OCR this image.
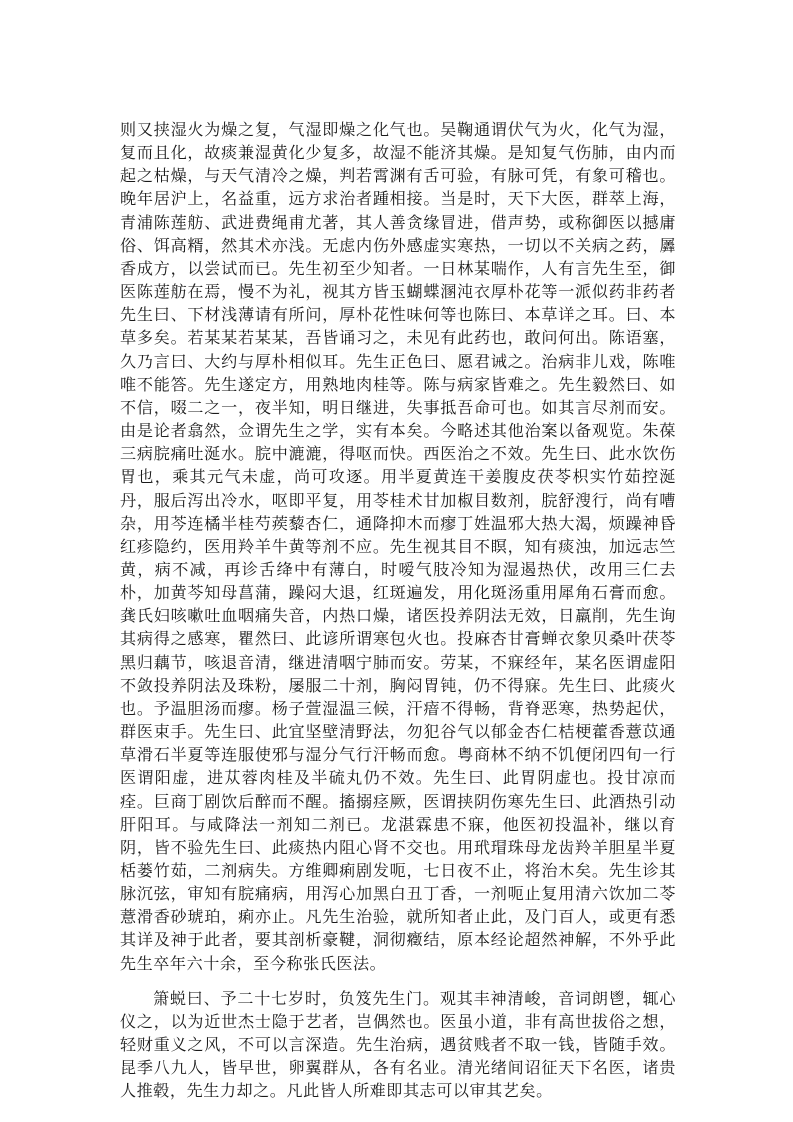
则又挟湿火为燥之复，气湿即燥之化气也。吴鞠通谓伏气为火，化气为湿，复而且化，故痰兼湿黄化少复多，故湿不能济其燥。是知复气伤肺，由内而起之枯燥，与天气清冷之燥，判若霄渊有舌可验，有脉可凭，有象可稽也。晚年居沪上，名益重，远方求治者踵相接。当是时，天下大医，群萃上海，青浦陈莲舫、武进费绳甫尤著，其人善贪缘冒进，借声势，或称御医以撼庸俗、饵高糈，然其术亦浅。无虑内伤外感虚实寒热，一切以不关病之药，羼香成方，以尝试而已。先生初至少知者。一日林某喘作，人有言先生至，御医陈莲舫在焉，慢不为礼，视其方皆玉蝴蝶溷沌衣厚朴花等一派似药非药者先生曰、下材浅薄请有所问，厚朴花性味何等也陈曰、本草详之耳。曰、本草多矣。若某某若某某，吾皆诵习之，未见有此药也，敢问何出。陈语塞，久乃言曰、大约与厚朴相似耳。先生正色曰、愿君诫之。治病非儿戏，陈唯唯不能答。先生遂定方，用熟地肉桂等。陈与病家皆难之。先生毅然曰、如不信，啜二之一，夜半知，明日继进，失事抵吾命可也。如其言尽剂而安。由是论者翕然，佥谓先生之学，实有本矣。今略述其他治案以备观览。朱葆三病脘痛吐涎水。脘中漉漉，得呕而快。西医治之不效。先生曰、此水饮伤胃也，乘其元气未虚，尚可攻逐。用半夏黄连干姜腹皮茯苓枳实竹茹控涎丹，服后泻出冷水，呕即平复，用苓桂术甘加椒目数剂，脘舒溲行，尚有嘈杂，用芩连橘半桂芍蒺藜杏仁，通降抑木而瘳丁姓温邪大热大渴，烦躁神昏红疹隐约，医用羚羊牛黄等剂不应。先生视其目不瞑，知有痰浊，加远志竺黄，病不减，再诊舌绛中有薄白，时嗳气肢冷知为湿遏热伏，改用三仁去朴，加黄芩知母菖蒲，躁闷大退，红斑遍发，用化斑汤重用犀角石膏而愈。龚氏妇咳嗽吐血咽痛失音，内热口燥，诸医投养阴法无效，日羸削，先生询其病得之感寒，瞿然曰、此谚所谓寒包火也。投麻杏甘膏蝉衣象贝桑叶茯苓黑归藕节，咳退音清，继进清咽宁肺而安。劳某，不寐经年，某名医谓虚阳不敛投养阴法及珠粉，屡服二十剂，胸闷胃钝，仍不得寐。先生曰、此痰火也。予温胆汤而瘳。杨子萱湿温三候，汗瘖不得畅，背脊恶寒，热势起伏，群医束手。先生曰、此宜坚壁清野法，勿犯谷气以郁金杏仁桔梗藿香薏苡通草滑石半夏等连服使邪与湿分气行汗畅而愈。粤商林不纳不饥便闭四旬一行医谓阳虚，进苁蓉肉桂及半硫丸仍不效。先生曰、此胃阴虚也。投甘凉而痊。巨商丁剧饮后醉而不醒。搐搦痉厥，医谓挟阴伤寒先生曰、此酒热引动肝阳耳。与咸降法一剂知二剂已。龙湛霖患不寐，他医初投温补，继以育阴，皆不验先生曰、此痰热内阻心肾不交也。用玳瑁珠母龙齿羚羊胆星半夏栝蒌竹茹，二剂病失。方维卿痢剧发呃，七日夜不止，将治木矣。先生诊其脉沉弦，审知有脘痛病，用泻心加黑白丑丁香，一剂呃止复用清六饮加二苓薏滑香砂琥珀，痢亦止。凡先生治验，就所知者止此，及门百人，或更有悉其详及神于此者，要其剖析豪鞬，洞彻癥结，原本经论超然神解，不外乎此先生卒年六十余，至今称张氏医法。

箫蜕曰、予二十七岁时，负笈先生门。观其丰神清峻，音词朗鬯，辄心仪之，以为近世杰士隐于艺者，岂偶然也。医虽小道，非有高世拔俗之想，轻财重义之风，不可以言深造。先生治病，遇贫贱者不取一钱，皆随手效。昆季八九人，皆早世，卵翼群从，各有名业。清光绪间诏征天下名医，诸贵人推毂，先生力却之。凡此皆人所难即其志可以审其艺矣。
